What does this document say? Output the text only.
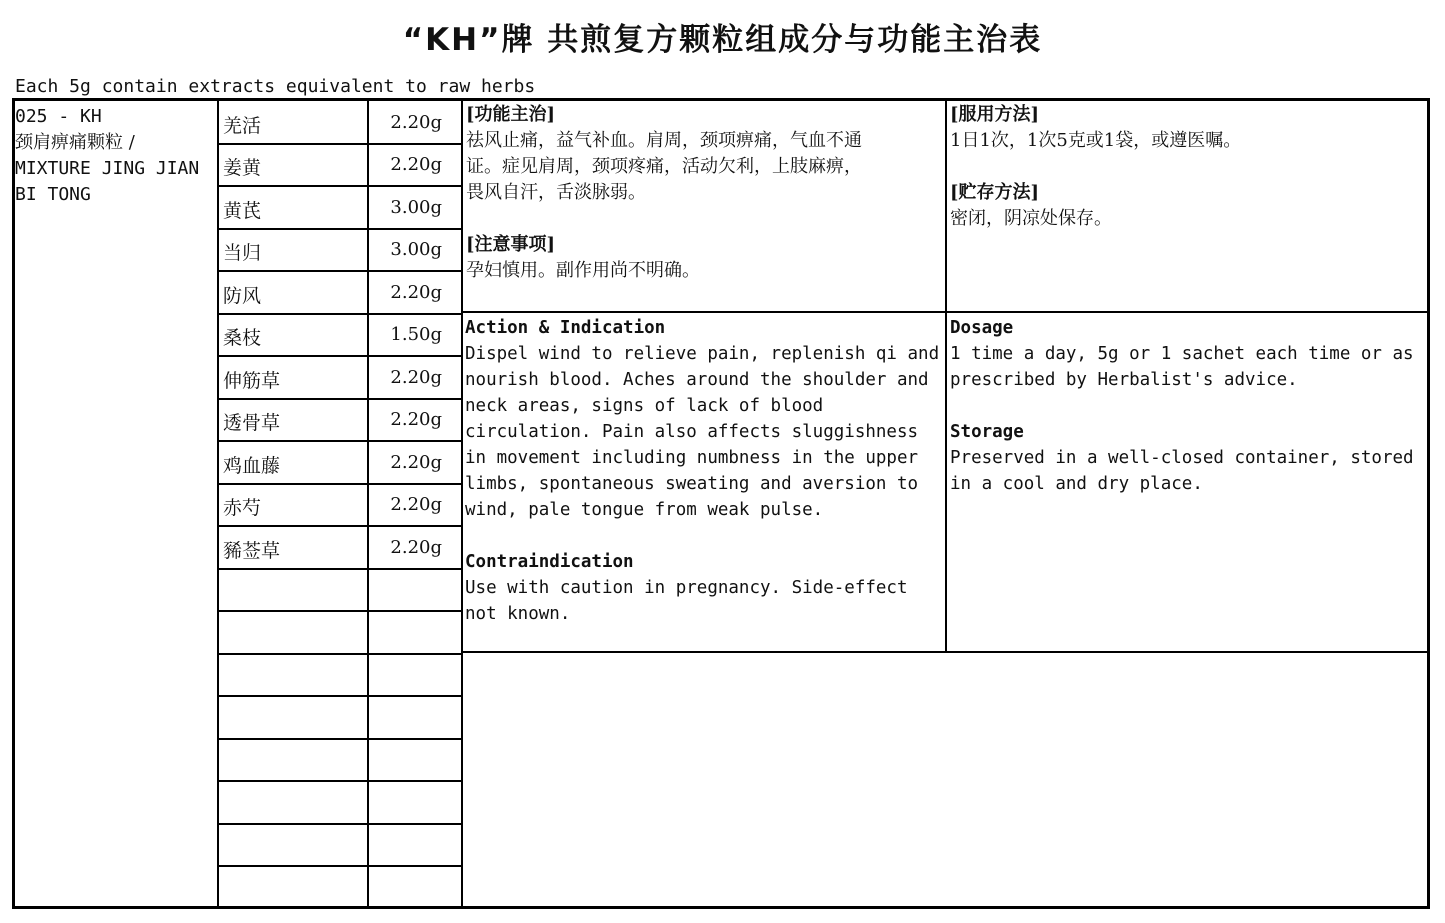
“KH”牌 共煎复方颗粒组成分与功能主治表
Each 5g contain extracts equivalent to raw herbs
025 - KH
颈肩痹痛颗粒 /
MIXTURE JING JIAN
BI TONG
羌活	2.20g
姜黄	2.20g
黄芪	3.00g
当归	3.00g
防风	2.20g
桑枝	1.50g
伸筋草	2.20g
透骨草	2.20g
鸡血藤	2.20g
赤芍	2.20g
豨莶草	2.20g
[功能主治]

祛风止痛，益气补血。肩周，颈项痹痛，气血不通
证。症见肩周，颈项疼痛，活动欠利，上肢麻痹，
畏风自汗，舌淡脉弱。

[注意事项]

孕妇慎用。副作用尚不明确。

[服用方法]

1日1次，1次5克或1袋，或遵医嘱。

[贮存方法]

密闭，阴凉处保存。

Action & Indication

Dispel wind to relieve pain, replenish qi and
nourish blood. Aches around the shoulder and
neck areas, signs of lack of blood
circulation. Pain also affects sluggishness
in movement including numbness in the upper
limbs, spontaneous sweating and aversion to
wind, pale tongue from weak pulse.

Contraindication

Use with caution in pregnancy. Side-effect
not known.

Dosage

1 time a day, 5g or 1 sachet each time or as
prescribed by Herbalist's advice.

Storage

Preserved in a well-closed container, stored
in a cool and dry place.
